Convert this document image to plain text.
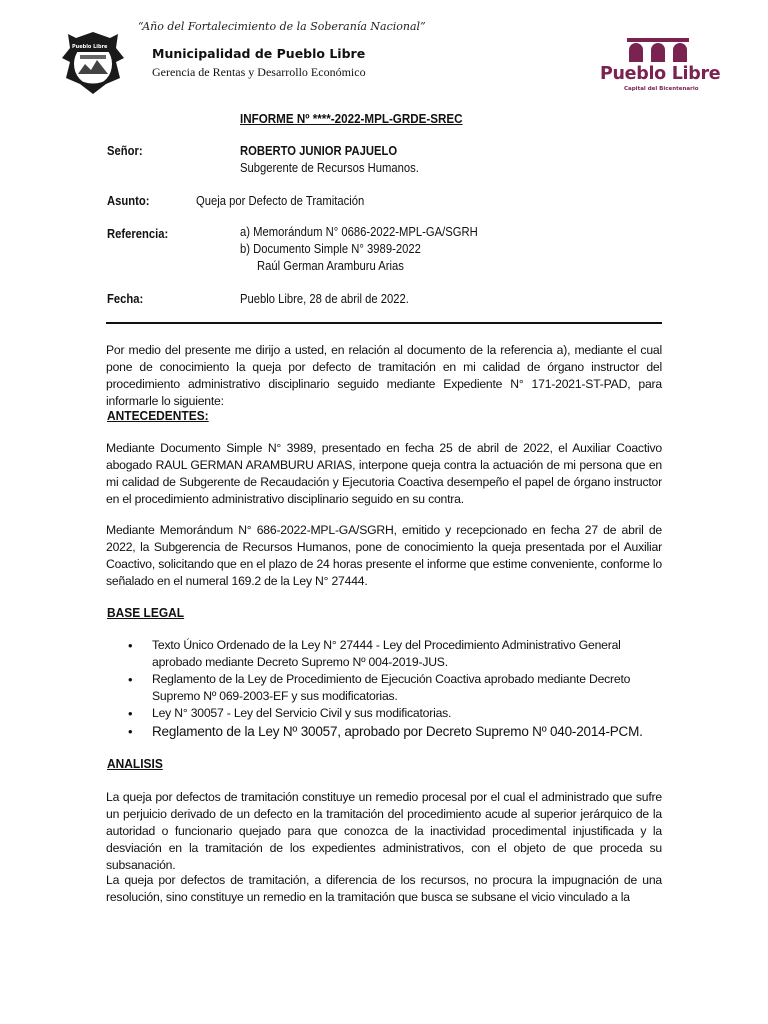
“Año del Fortalecimiento de la Soberanía Nacional”
Pueblo Libre	Municipalidad de Pueblo Libre
Gerencia de Rentas y Desarrollo Económico	Pueblo Libre
Capital del Bicentenario
INFORME Nº ****-2022-MPL-GRDE-SREC
Señor:	ROBERTO JUNIOR PAJUELO
Subgerente de Recursos Humanos.
Asunto:	Queja por Defecto de Tramitación
Referencia:	a) Memorándum N° 0686-2022-MPL-GA/SGRH
b) Documento Simple N° 3989-2022
Raúl German Aramburu Arias
Fecha:	Pueblo Libre, 28 de abril de 2022.
Por medio del presente me dirijo a usted, en relación al documento de la referencia a), mediante el cual pone de conocimiento la queja por defecto de tramitación en mi calidad de órgano instructor del procedimiento administrativo disciplinario seguido mediante Expediente N° 171-2021-ST-PAD, para informarle lo siguiente:
ANTECEDENTES:
Mediante Documento Simple N° 3989, presentado en fecha 25 de abril de 2022, el Auxiliar Coactivo abogado RAUL GERMAN ARAMBURU ARIAS, interpone queja contra la actuación de mi persona que en mi calidad de Subgerente de Recaudación y Ejecutoria Coactiva desempeño el papel de órgano instructor en el procedimiento administrativo disciplinario seguido en su contra.
Mediante Memorándum N° 686-2022-MPL-GA/SGRH, emitido y recepcionado en fecha 27 de abril de 2022, la Subgerencia de Recursos Humanos, pone de conocimiento la queja presentada por el Auxiliar Coactivo, solicitando que en el plazo de 24 horas presente el informe que estime conveniente, conforme lo señalado en el numeral 169.2 de la Ley N° 27444.
BASE LEGAL
• Texto Único Ordenado de la Ley N° 27444 - Ley del Procedimiento Administrativo General aprobado mediante Decreto Supremo Nº 004-2019-JUS.
• Reglamento de la Ley de Procedimiento de Ejecución Coactiva aprobado mediante Decreto Supremo Nº 069-2003-EF y sus modificatorias.
• Ley N° 30057 - Ley del Servicio Civil y sus modificatorias.
• Reglamento de la Ley Nº 30057, aprobado por Decreto Supremo Nº 040-2014-PCM.
ANALISIS
La queja por defectos de tramitación constituye un remedio procesal por el cual el administrado que sufre un perjuicio derivado de un defecto en la tramitación del procedimiento acude al superior jerárquico de la autoridad o funcionario quejado para que conozca de la inactividad procedimental injustificada y la desviación en la tramitación de los expedientes administrativos, con el objeto de que proceda su subsanación.
La queja por defectos de tramitación, a diferencia de los recursos, no procura la impugnación de una resolución, sino constituye un remedio en la tramitación que busca se subsane el vicio vinculado a la
